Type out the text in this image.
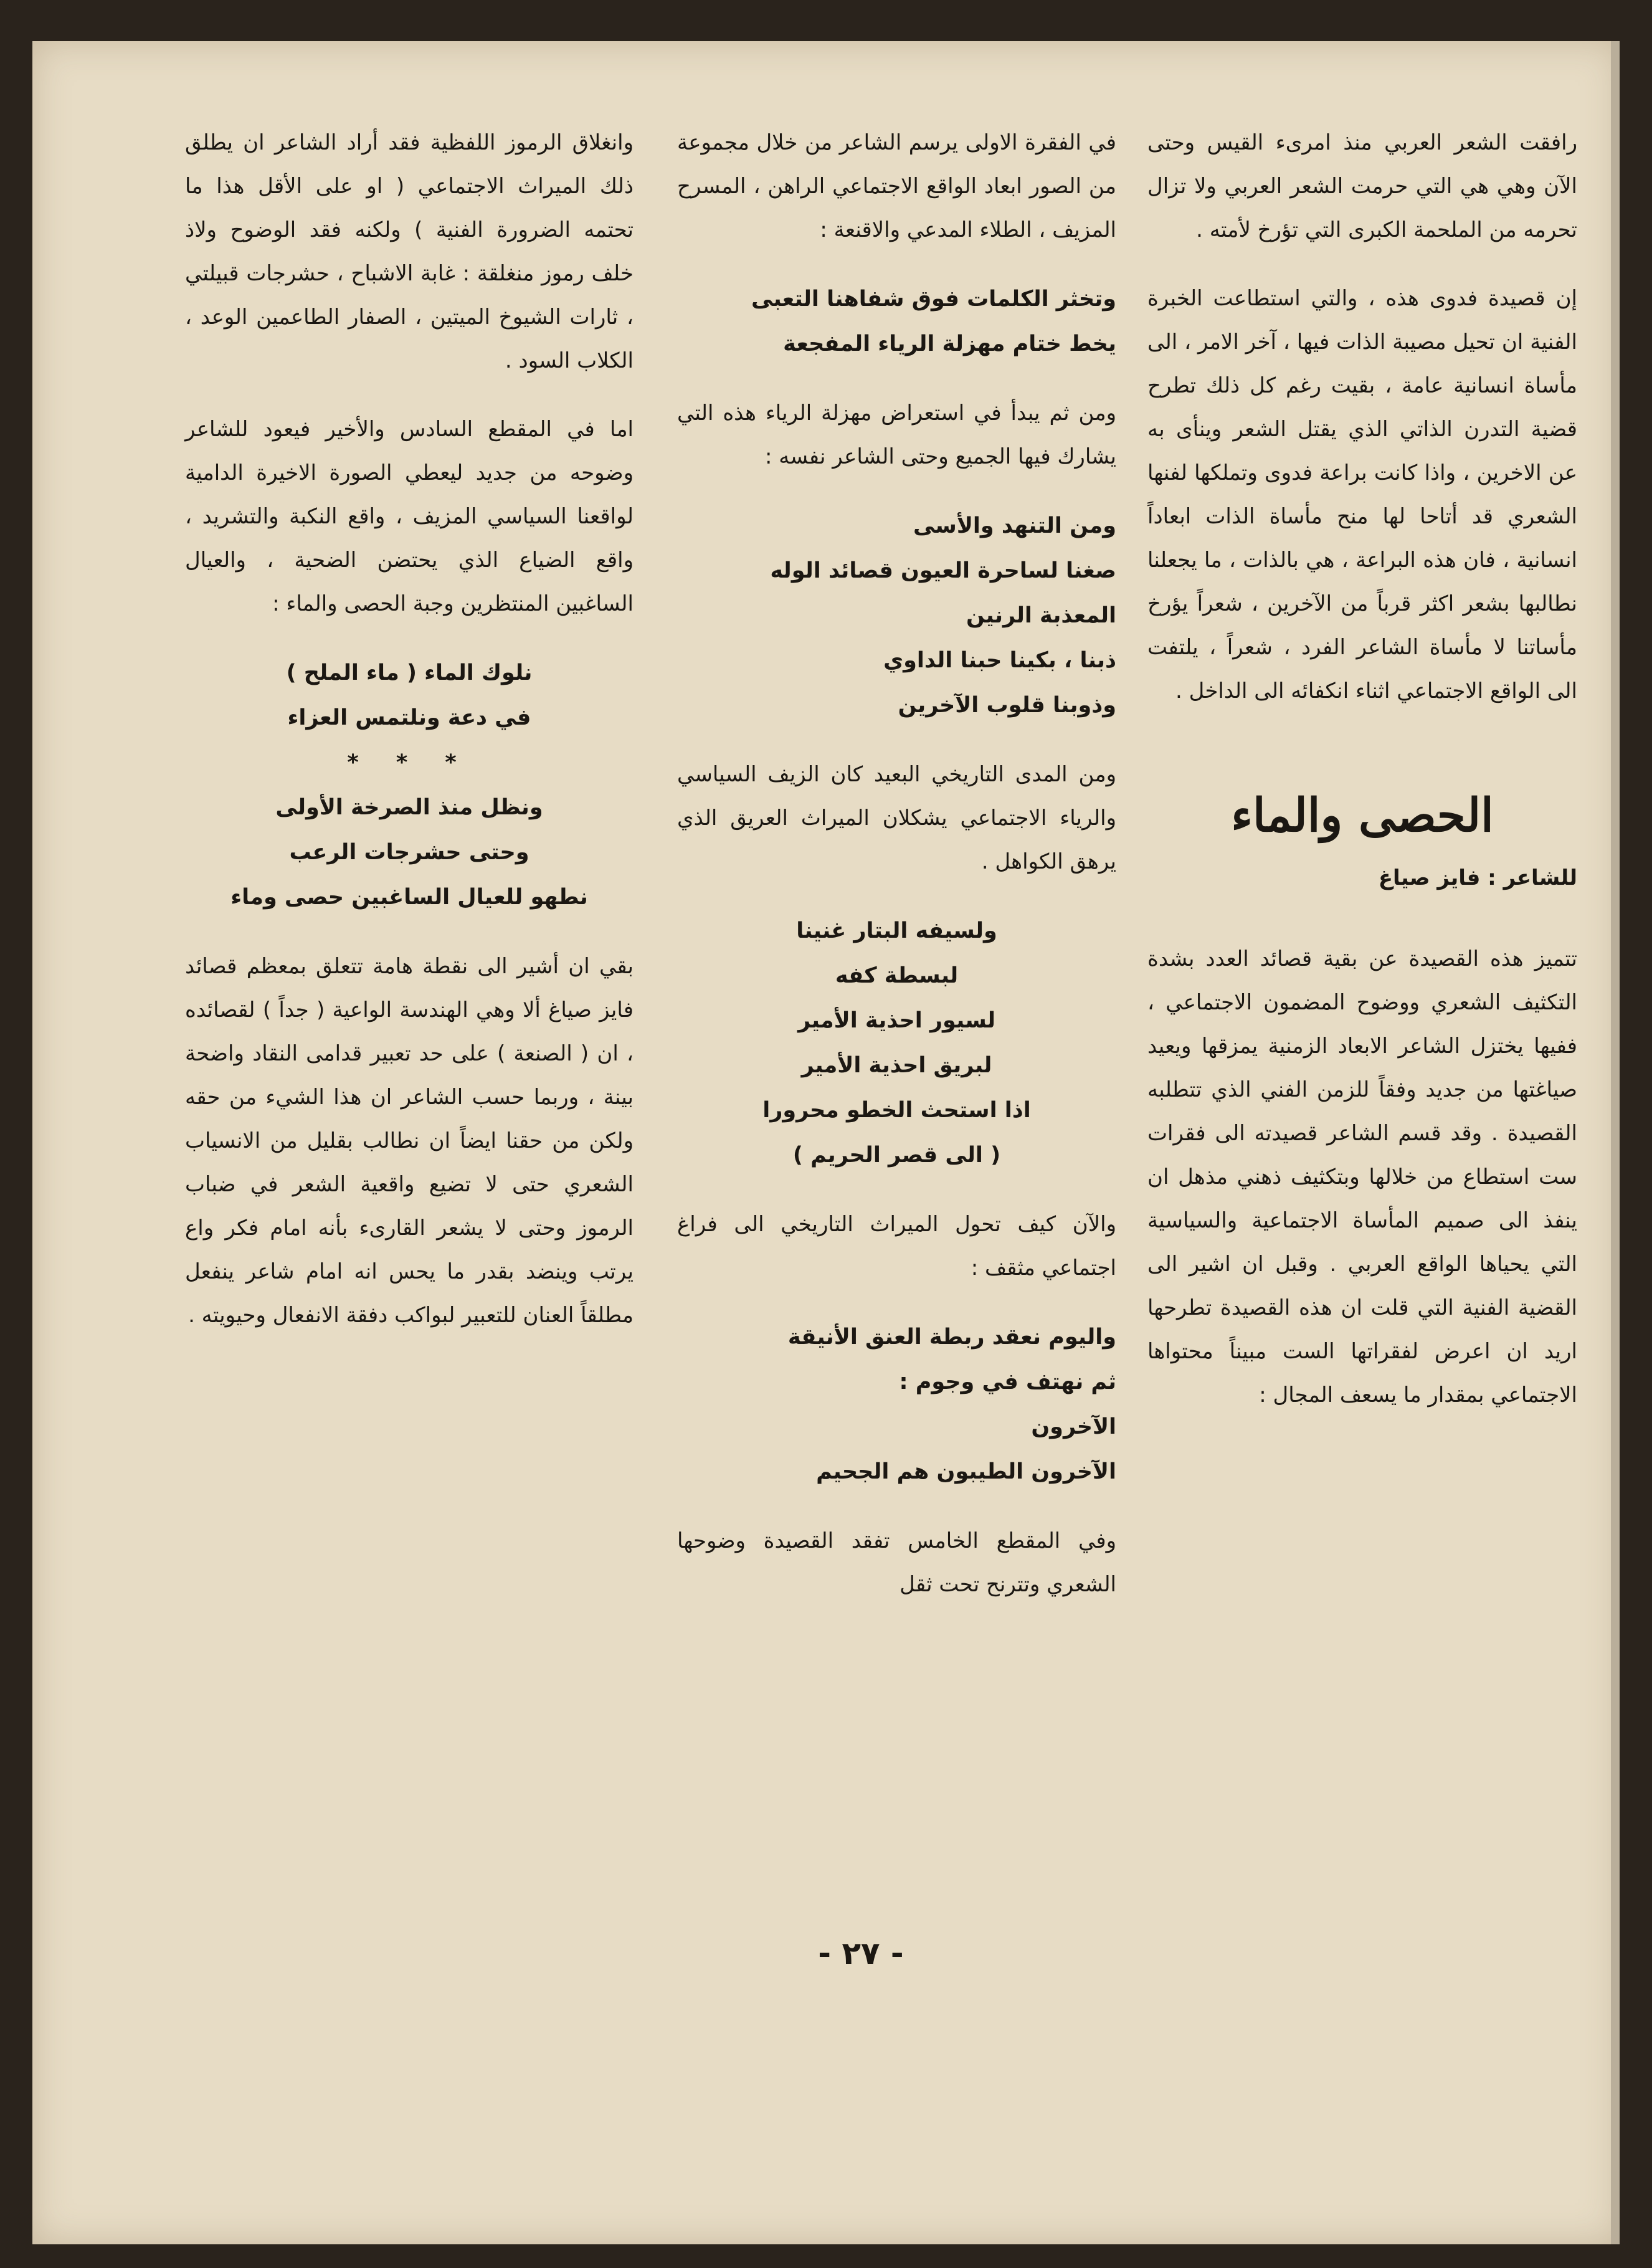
رافقت الشعر العربي منذ امرىء القيس وحتى الآن وهي هي التي حرمت الشعر العربي ولا تزال تحرمه من الملحمة الكبرى التي تؤرخ لأمته .

إن قصيدة فدوى هذه ، والتي استطاعت الخبرة الفنية ان تحيل مصيبة الذات فيها ، آخر الامر ، الى مأساة انسانية عامة ، بقيت رغم كل ذلك تطرح قضية التدرن الذاتي الذي يقتل الشعر وينأى به عن الاخرين ، واذا كانت براعة فدوى وتملكها لفنها الشعري قد أتاحا لها منح مأساة الذات ابعاداً انسانية ، فان هذه البراعة ، هي بالذات ، ما يجعلنا نطالبها بشعر اكثر قرباً من الآخرين ، شعراً يؤرخ مأساتنا لا مأساة الشاعر الفرد ، شعراً ، يلتفت الى الواقع الاجتماعي اثناء انكفائه الى الداخل .

الحصى والماء
للشاعر : فايز صياغ

تتميز هذه القصيدة عن بقية قصائد العدد بشدة التكثيف الشعري ووضوح المضمون الاجتماعي ، ففيها يختزل الشاعر الابعاد الزمنية يمزقها ويعيد صياغتها من جديد وفقاً للزمن الفني الذي تتطلبه القصيدة . وقد قسم الشاعر قصيدته الى فقرات ست استطاع من خلالها وبتكثيف ذهني مذهل ان ينفذ الى صميم المأساة الاجتماعية والسياسية التي يحياها الواقع العربي . وقبل ان اشير الى القضية الفنية التي قلت ان هذه القصيدة تطرحها اريد ان اعرض لفقراتها الست مبيناً محتواها الاجتماعي بمقدار ما يسعف المجال :

في الفقرة الاولى يرسم الشاعر من خلال مجموعة من الصور ابعاد الواقع الاجتماعي الراهن ، المسرح المزيف ، الطلاء المدعي والاقنعة :

وتخثر الكلمات فوق شفاهنا التعبى
يخط ختام مهزلة الرياء المفجعة

ومن ثم يبدأ في استعراض مهزلة الرياء هذه التي يشارك فيها الجميع وحتى الشاعر نفسه :

ومن التنهد والأسى
صغنا لساحرة العيون قصائد الوله
المعذبة الرنين
ذبنا ، بكينا حبنا الداوي
وذوبنا قلوب الآخرين

ومن المدى التاريخي البعيد كان الزيف السياسي والرياء الاجتماعي يشكلان الميراث العريق الذي يرهق الكواهل .

ولسيفه البتار غنينا
لبسطة كفه
لسيور احذية الأمير
لبريق احذية الأمير
اذا استحث الخطو محرورا
( الى قصر الحريم )

والآن كيف تحول الميراث التاريخي الى فراغ اجتماعي مثقف :

واليوم نعقد ربطة العنق الأنيقة
ثم نهتف في وجوم :
الآخرون
الآخرون الطيبون هم الجحيم

وفي المقطع الخامس تفقد القصيدة وضوحها الشعري وتترنح تحت ثقل

وانغلاق الرموز اللفظية فقد أراد الشاعر ان يطلق ذلك الميراث الاجتماعي ( او على الأقل هذا ما تحتمه الضرورة الفنية ) ولكنه فقد الوضوح ولاذ خلف رموز منغلقة : غابة الاشباح ، حشرجات قبيلتي ، ثارات الشيوخ الميتين ، الصفار الطاعمين الوعد ، الكلاب السود .

اما في المقطع السادس والأخير فيعود للشاعر وضوحه من جديد ليعطي الصورة الاخيرة الدامية لواقعنا السياسي المزيف ، واقع النكبة والتشريد ، واقع الضياع الذي يحتضن الضحية ، والعيال الساغبين المنتظرين وجبة الحصى والماء :

نلوك الماء ( ماء الملح )
في دعة ونلتمس العزاء
* * *
ونظل منذ الصرخة الأولى
وحتى حشرجات الرعب
نطهو للعيال الساغبين حصى وماء

بقي ان أشير الى نقطة هامة تتعلق بمعظم قصائد فايز صياغ ألا وهي الهندسة الواعية ( جداً ) لقصائده ، ان ( الصنعة ) على حد تعبير قدامى النقاد واضحة بينة ، وربما حسب الشاعر ان هذا الشيء من حقه ولكن من حقنا ايضاً ان نطالب بقليل من الانسياب الشعري حتى لا تضيع واقعية الشعر في ضباب الرموز وحتى لا يشعر القارىء بأنه امام فكر واع يرتب وينضد بقدر ما يحس انه امام شاعر ينفعل مطلقاً العنان للتعبير لبواكب دفقة الانفعال وحيويته .

- ٢٧ -
